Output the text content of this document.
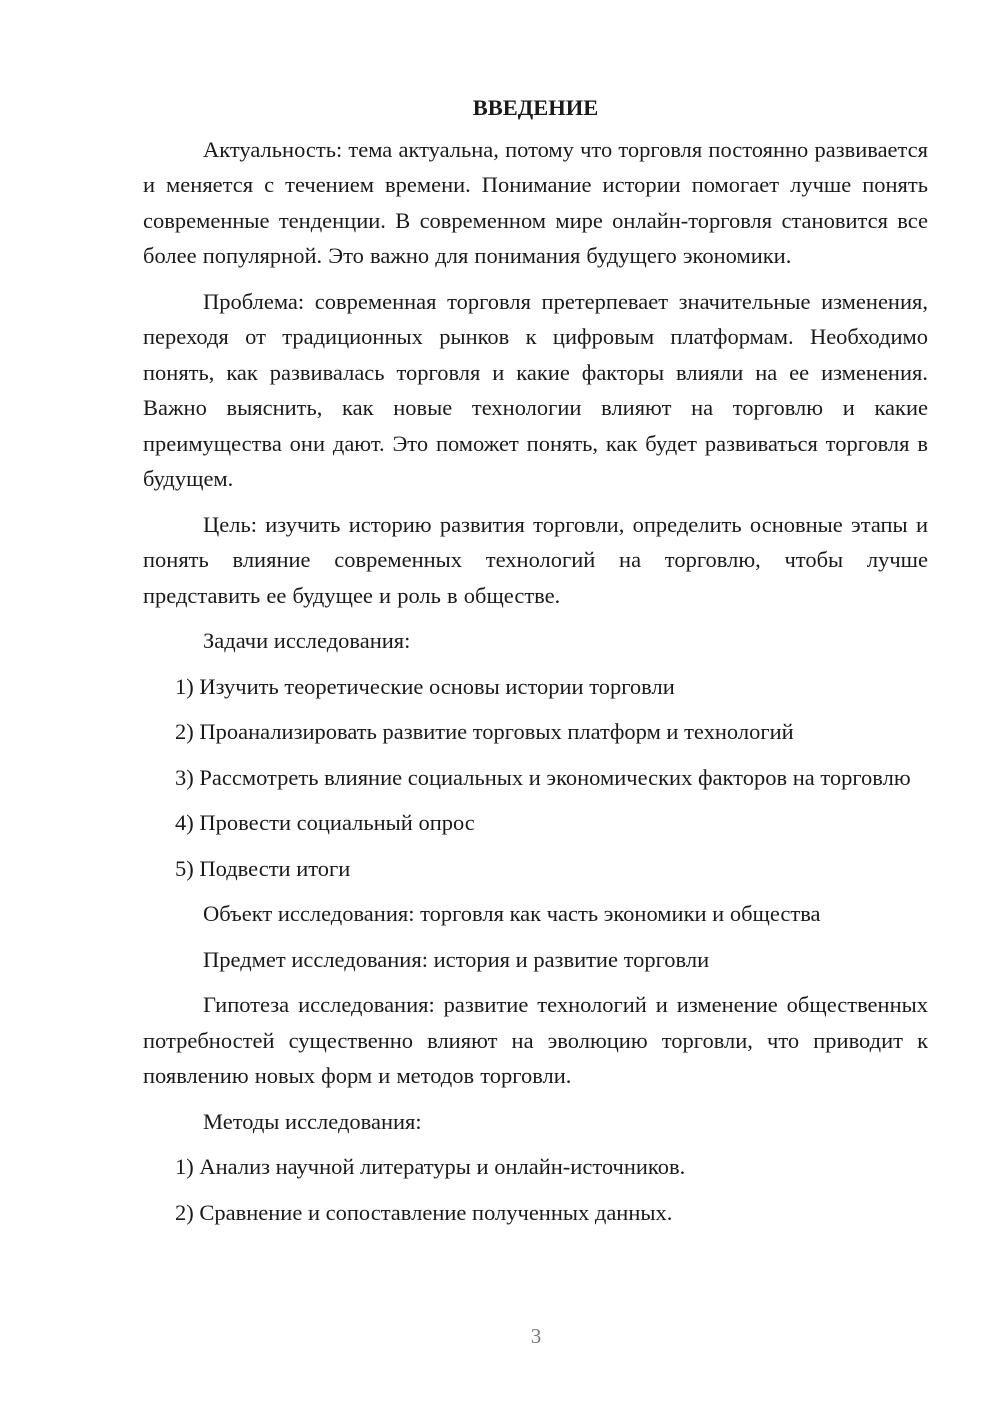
ВВЕДЕНИЕ
Актуальность: тема актуальна, потому что торговля постоянно развивается и меняется с течением времени. Понимание истории помогает лучше понять современные тенденции. В современном мире онлайн-торговля становится все более популярной. Это важно для понимания будущего экономики.
Проблема: современная торговля претерпевает значительные изменения, переходя от традиционных рынков к цифровым платформам. Необходимо понять, как развивалась торговля и какие факторы влияли на ее изменения. Важно выяснить, как новые технологии влияют на торговлю и какие преимущества они дают. Это поможет понять, как будет развиваться торговля в будущем.
Цель: изучить историю развития торговли, определить основные этапы и понять влияние современных технологий на торговлю, чтобы лучше представить ее будущее и роль в обществе.
Задачи исследования:
1) Изучить теоретические основы истории торговли
2) Проанализировать развитие торговых платформ и технологий
3) Рассмотреть влияние социальных и экономических факторов на торговлю
4) Провести социальный опрос
5) Подвести итоги
Объект исследования: торговля как часть экономики и общества
Предмет исследования: история и развитие торговли
Гипотеза исследования: развитие технологий и изменение общественных потребностей существенно влияют на эволюцию торговли, что приводит к появлению новых форм и методов торговли.
Методы исследования:
1) Анализ научной литературы и онлайн-источников.
2) Сравнение и сопоставление полученных данных.
3
